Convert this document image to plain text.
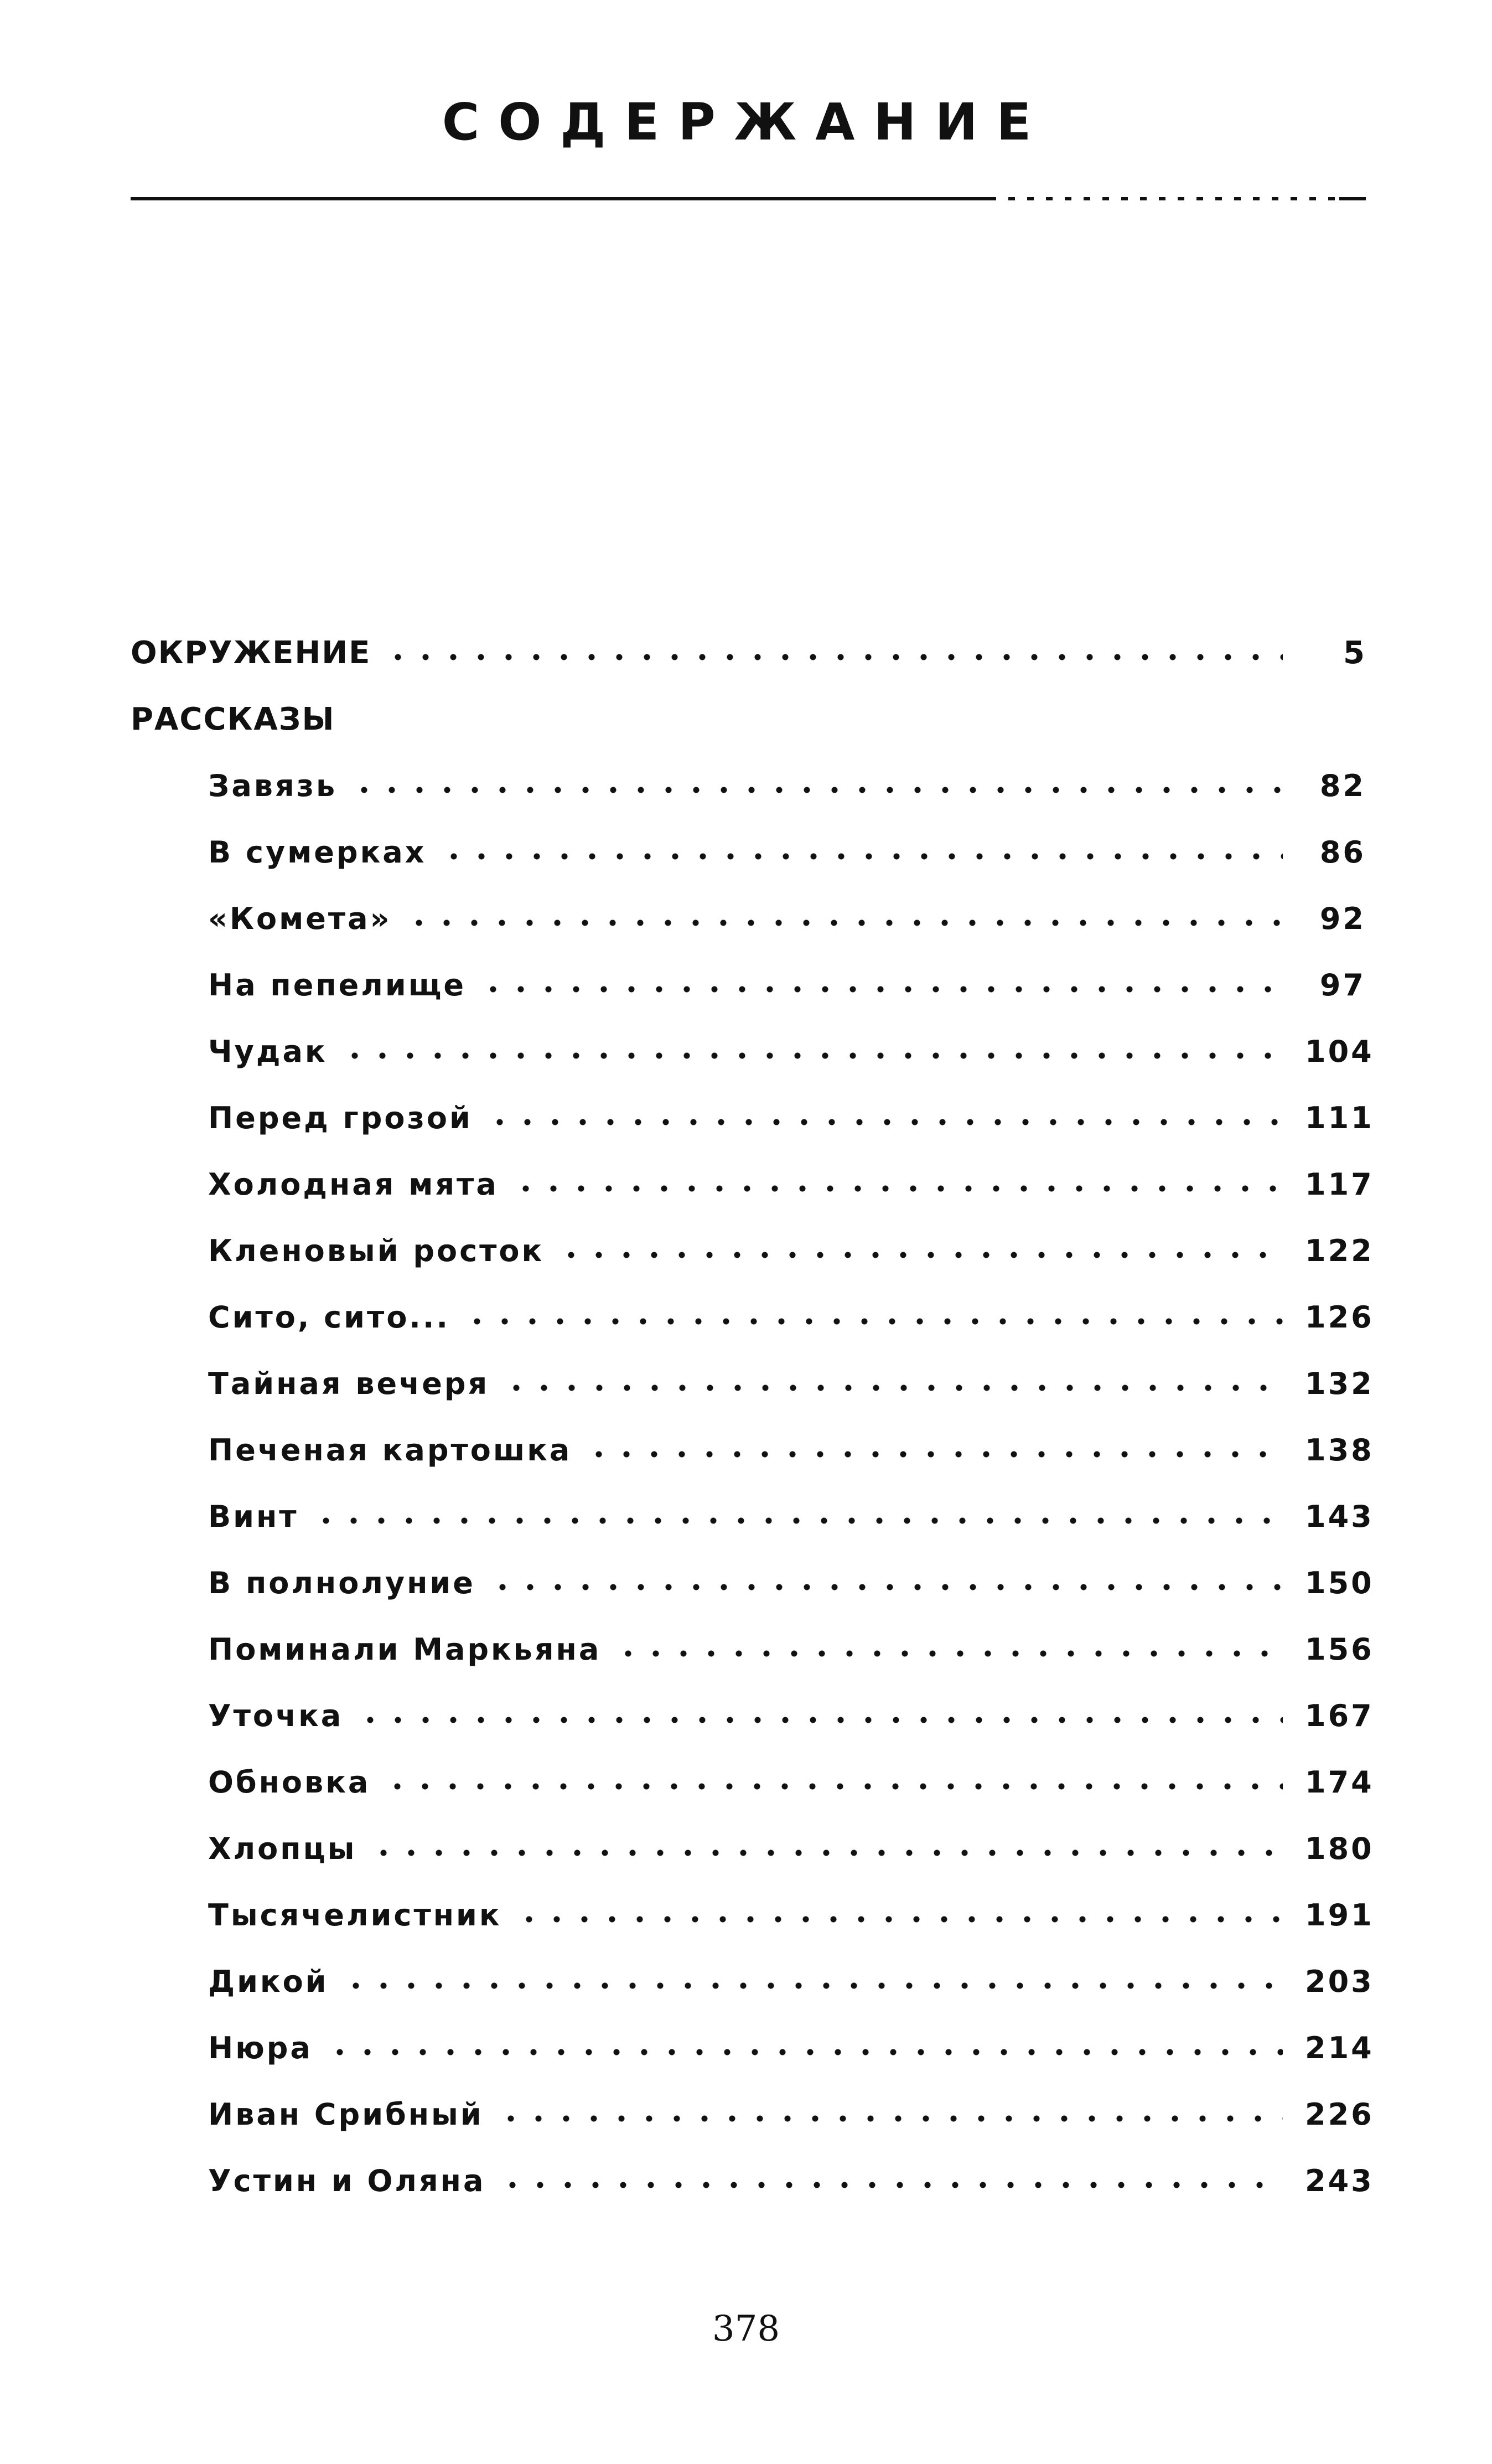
СОДЕРЖАНИЕ
ОКРУЖЕНИЕ	5
РАССКАЗЫ
Завязь	82
В сумерках	86
«Комета»	92
На пепелище	97
Чудак	104
Перед грозой	111
Холодная мята	117
Кленовый росток	122
Сито, сито...	126
Тайная вечеря	132
Печеная картошка	138
Винт	143
В полнолуние	150
Поминали Маркьяна	156
Уточка	167
Обновка	174
Хлопцы	180
Тысячелистник	191
Дикой	203
Нюра	214
Иван Срибный	226
Устин и Оляна	243
378
